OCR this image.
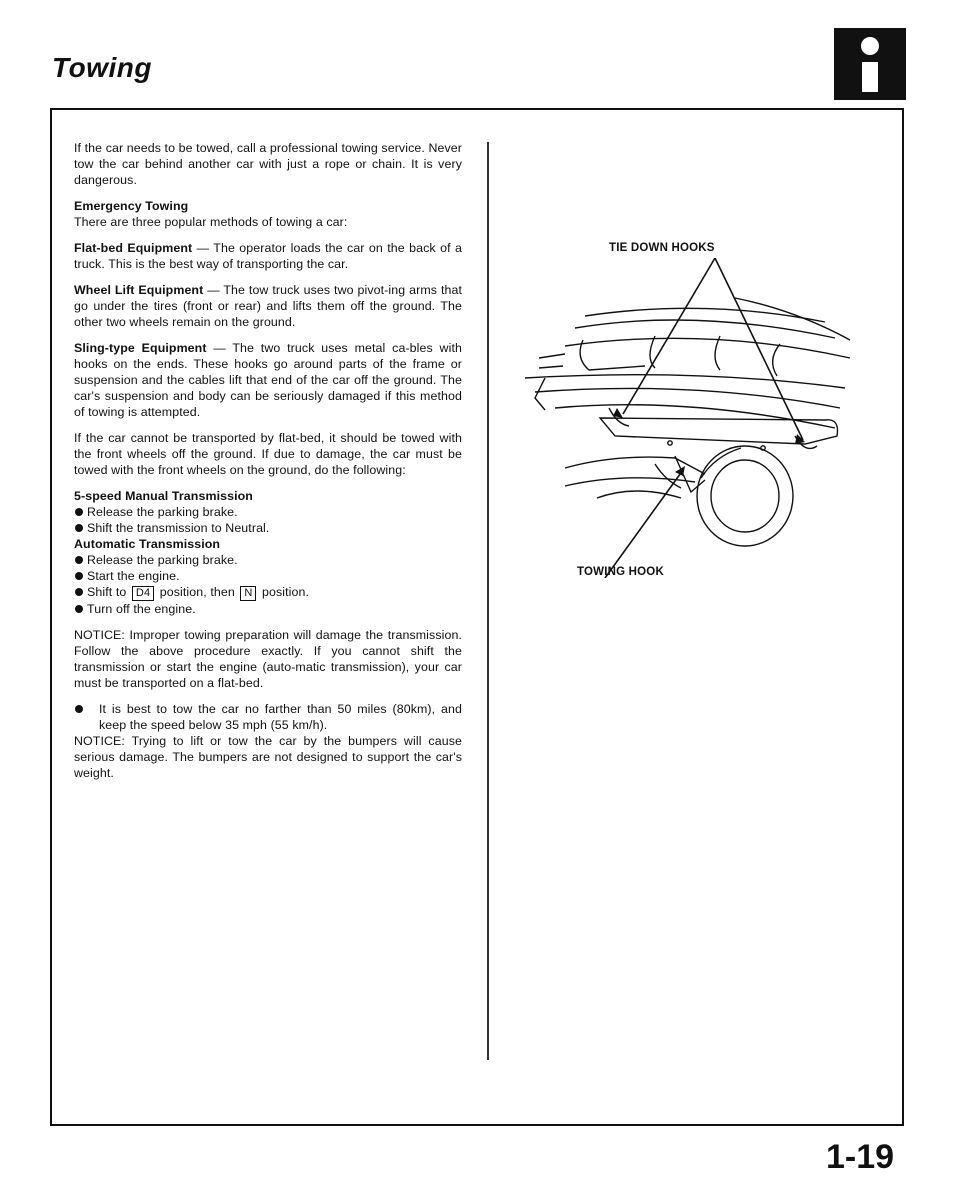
Towing

If the car needs to be towed, call a professional towing service. Never tow the car behind another car with just a rope or chain. It is very dangerous.

Emergency Towing
There are three popular methods of towing a car:

Flat-bed Equipment — The operator loads the car on the back of a truck. This is the best way of transporting the car.

Wheel Lift Equipment — The tow truck uses two pivot-ing arms that go under the tires (front or rear) and lifts them off the ground. The other two wheels remain on the ground.

Sling-type Equipment — The two truck uses metal ca-bles with hooks on the ends. These hooks go around parts of the frame or suspension and the cables lift that end of the car off the ground. The car's suspension and body can be seriously damaged if this method of towing is attempted.

If the car cannot be transported by flat-bed, it should be towed with the front wheels off the ground. If due to damage, the car must be towed with the front wheels on the ground, do the following:

5-speed Manual Transmission
Release the parking brake.
Shift the transmission to Neutral.
Automatic Transmission
Release the parking brake.
Start the engine.
Shift to D4 position, then N position.
Turn off the engine.

NOTICE: Improper towing preparation will damage the transmission. Follow the above procedure exactly. If you cannot shift the transmission or start the engine (auto-matic transmission), your car must be transported on a flat-bed.

It is best to tow the car no farther than 50 miles (80km), and keep the speed below 35 mph (55 km/h).

NOTICE: Trying to lift or tow the car by the bumpers will cause serious damage. The bumpers are not designed to support the car's weight.

TIE DOWN HOOKS
TOWING HOOK
1-19
